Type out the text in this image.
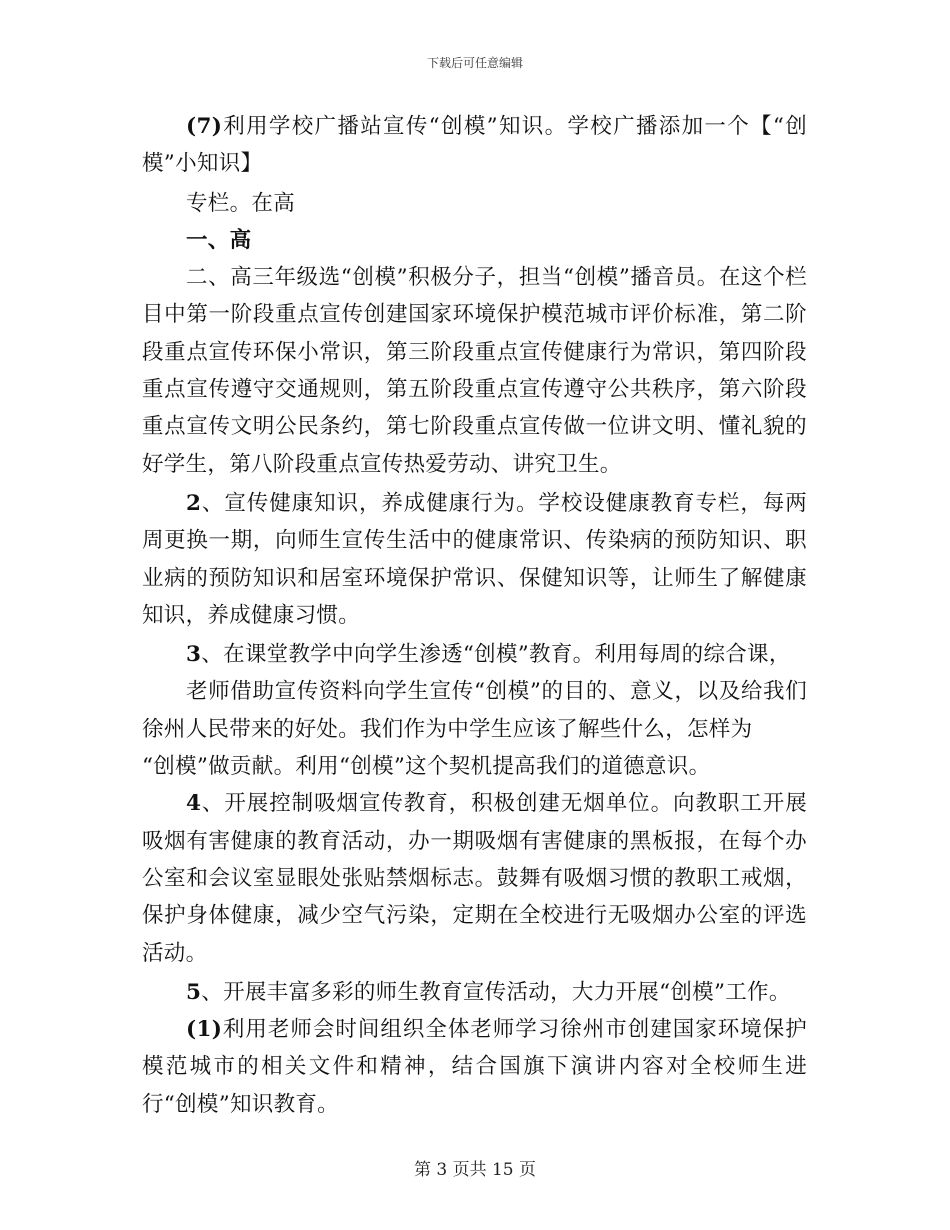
下载后可任意编辑

(7)利用学校广播站宣传“创模”知识。学校广播添加一个【“创模”小知识】

专栏。在高

一、高

二、高三年级选“创模”积极分子，担当“创模”播音员。在这个栏目中第一阶段重点宣传创建国家环境保护模范城市评价标准，第二阶段重点宣传环保小常识，第三阶段重点宣传健康行为常识，第四阶段重点宣传遵守交通规则，第五阶段重点宣传遵守公共秩序，第六阶段重点宣传文明公民条约，第七阶段重点宣传做一位讲文明、懂礼貌的好学生，第八阶段重点宣传热爱劳动、讲究卫生。

2、宣传健康知识，养成健康行为。学校设健康教育专栏，每两周更换一期，向师生宣传生活中的健康常识、传染病的预防知识、职业病的预防知识和居室环境保护常识、保健知识等，让师生了解健康知识，养成健康习惯。

3、在课堂教学中向学生渗透“创模”教育。利用每周的综合课，

老师借助宣传资料向学生宣传“创模”的目的、意义，以及给我们徐州人民带来的好处。我们作为中学生应该了解些什么，怎样为

“创模”做贡献。利用“创模”这个契机提高我们的道德意识。

4、开展控制吸烟宣传教育，积极创建无烟单位。向教职工开展吸烟有害健康的教育活动，办一期吸烟有害健康的黑板报，在每个办公室和会议室显眼处张贴禁烟标志。鼓舞有吸烟习惯的教职工戒烟，保护身体健康，减少空气污染，定期在全校进行无吸烟办公室的评选活动。

5、开展丰富多彩的师生教育宣传活动，大力开展“创模”工作。

(1)利用老师会时间组织全体老师学习徐州市创建国家环境保护模范城市的相关文件和精神，结合国旗下演讲内容对全校师生进行“创模”知识教育。

第 3 页共 15 页
